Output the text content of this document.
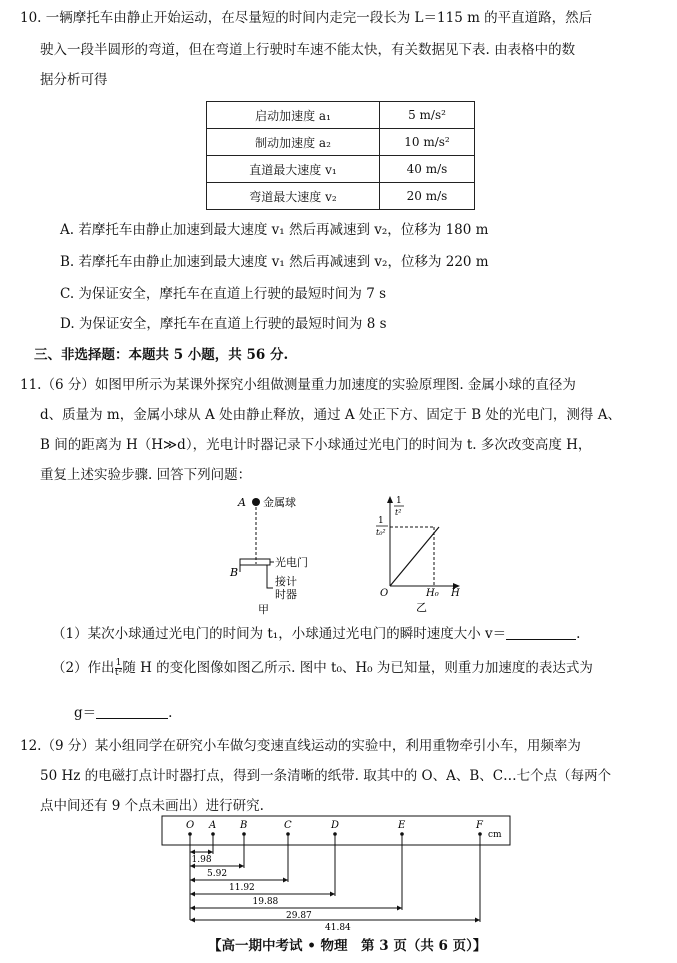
10. 一辆摩托车由静止开始运动，在尽量短的时间内走完一段长为 L＝115 m 的平直道路，然后
驶入一段半圆形的弯道，但在弯道上行驶时车速不能太快，有关数据见下表. 由表格中的数
据分析可得
启动加速度 a₁	5 m/s²
制动加速度 a₂	10 m/s²
直道最大速度 v₁	40 m/s
弯道最大速度 v₂	20 m/s
A. 若摩托车由静止加速到最大速度 v₁ 然后再减速到 v₂，位移为 180 m
B. 若摩托车由静止加速到最大速度 v₁ 然后再减速到 v₂，位移为 220 m
C. 为保证安全，摩托车在直道上行驶的最短时间为 7 s
D. 为保证安全，摩托车在直道上行驶的最短时间为 8 s
三、非选择题：本题共 5 小题，共 56 分.
11.（6 分）如图甲所示为某课外探究小组做测量重力加速度的实验原理图. 金属小球的直径为
d、质量为 m，金属小球从 A 处由静止释放，通过 A 处正下方、固定于 B 处的光电门，测得 A、
B 间的距离为 H（H≫d），光电计时器记录下小球通过光电门的时间为 t. 多次改变高度 H，
重复上述实验步骤. 回答下列问题：
A 金属球
B
光电门
接计
时器
甲
1
t²
1
t₀²
O	H₀ H
乙
（1）某次小球通过光电门的时间为 t₁，小球通过光电门的瞬时速度大小 v＝	.
（2）作出 $\frac{1}{\text{t²}}$ 随 H 的变化图像如图乙所示. 图中 t₀、H₀ 为已知量，则重力加速度的表达式为
g＝	.
12.（9 分）某小组同学在研究小车做匀变速直线运动的实验中，利用重物牵引小车，用频率为
50 Hz 的电磁打点计时器打点，得到一条清晰的纸带. 取其中的 O、A、B、C…七个点（每两个
点中间还有 9 个点未画出）进行研究.
O A B	C	D	E	F
cm
1.98
5.92
11.92
19.88
29.87
41.84
【高一期中考试 • 物理　第 3 页（共 6 页）】
